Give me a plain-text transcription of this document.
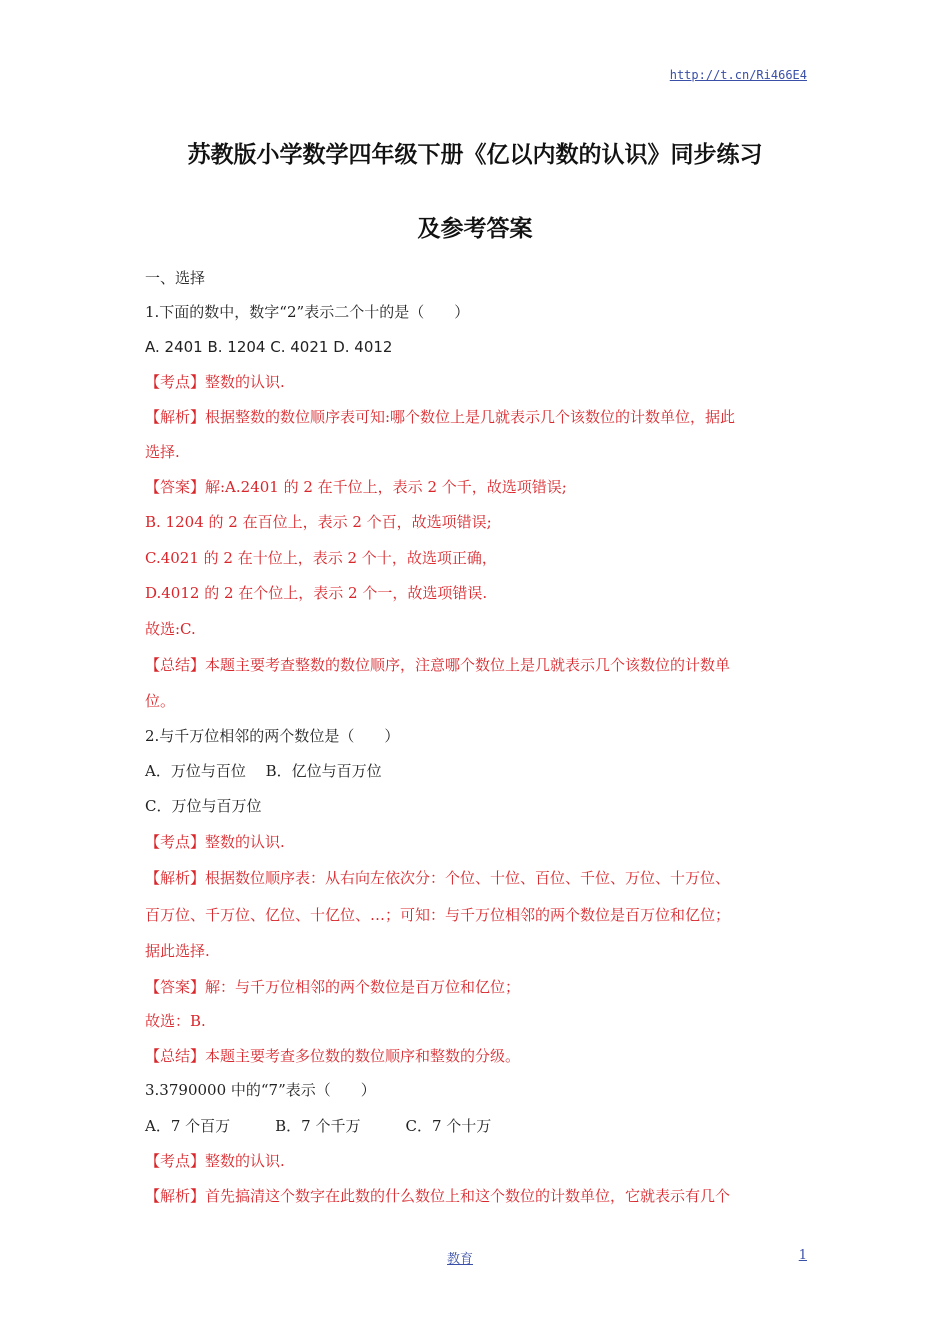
http://t.cn/Ri466E4
苏教版小学数学四年级下册《亿以内数的认识》同步练习
及参考答案
一、选择
1.下面的数中，数字“2”表示二个十的是（　　）
A. 2401 B. 1204 C. 4021 D. 4012
【考点】整数的认识.
【解析】根据整数的数位顺序表可知:哪个数位上是几就表示几个该数位的计数单位，据此
选择.
【答案】解:A.2401 的 2 在千位上，表示 2 个千，故选项错误;
B. 1204 的 2 在百位上，表示 2 个百，故选项错误;
C.4021 的 2 在十位上，表示 2 个十，故选项正确，
D.4012 的 2 在个位上，表示 2 个一，故选项错误.
故选:C.
【总结】本题主要考查整数的数位顺序，注意哪个数位上是几就表示几个该数位的计数单
位。
2.与千万位相邻的两个数位是（　　）
A．万位与百位　 B．亿位与百万位
C．万位与百万位
【考点】整数的认识.
【解析】根据数位顺序表：从右向左依次分：个位、十位、百位、千位、万位、十万位、
百万位、千万位、亿位、十亿位、…；可知：与千万位相邻的两个数位是百万位和亿位；
据此选择.
【答案】解：与千万位相邻的两个数位是百万位和亿位；
故选：B.
【总结】本题主要考查多位数的数位顺序和整数的分级。
3.3790000 中的“7”表示（　　）
A．7 个百万　　　B．7 个千万　　　C．7 个十万
【考点】整数的认识.
【解析】首先搞清这个数字在此数的什么数位上和这个数位的计数单位，它就表示有几个
教育	1
